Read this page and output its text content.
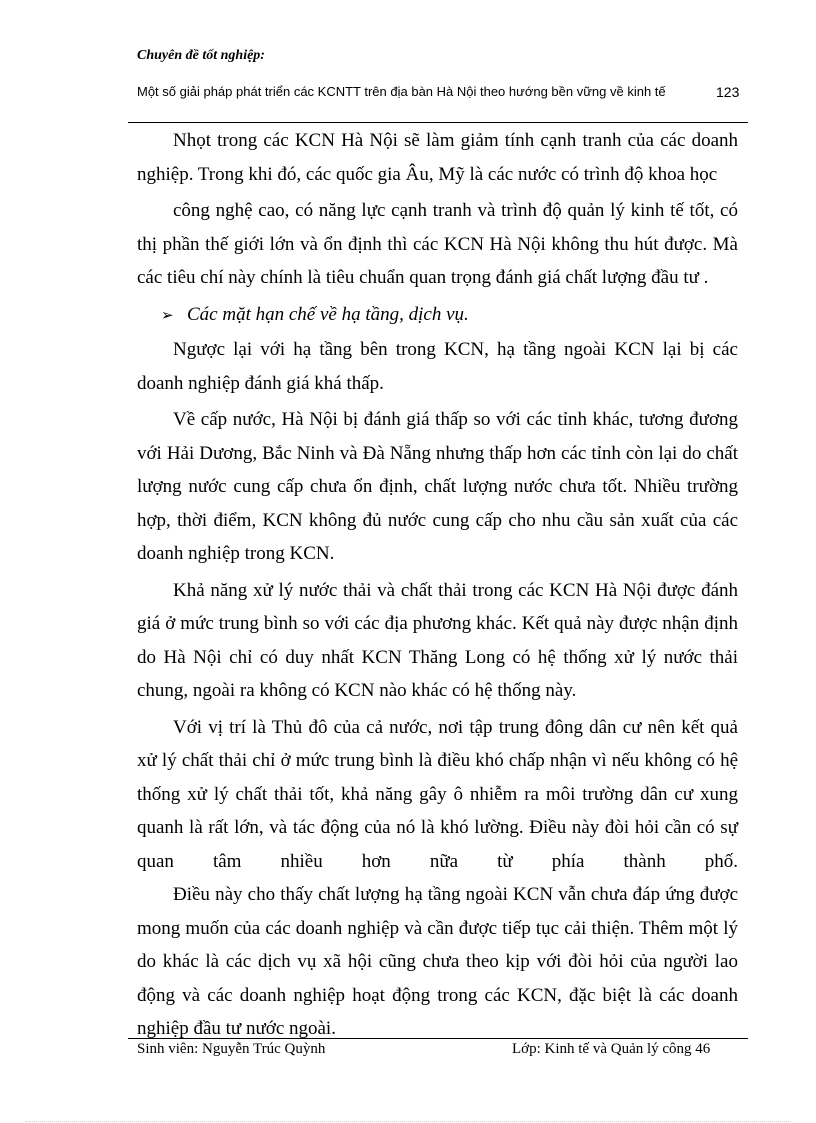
Chuyên đề tốt nghiệp:
Một số giải pháp phát triển các KCNTT trên địa bàn Hà Nội theo hướng bền vững về kinh tế	123

Nhọt trong các KCN Hà Nội sẽ làm giảm tính cạnh tranh của các doanh nghiệp. Trong khi đó, các quốc gia Âu, Mỹ là các nước có trình độ khoa học

công nghệ cao, có năng lực cạnh tranh và trình độ quản lý kinh tế tốt, có thị phần thế giới lớn và ổn định thì các KCN Hà Nội không thu hút được. Mà các tiêu chí này chính là tiêu chuẩn quan trọng đánh giá chất lượng đầu tư .

➢ Các mặt hạn chế về hạ tầng, dịch vụ.

Ngược lại với hạ tầng bên trong KCN, hạ tầng ngoài KCN lại bị các doanh nghiệp đánh giá khá thấp.

Về cấp nước, Hà Nội bị đánh giá thấp so với các tỉnh khác, tương đương với Hải Dương, Bắc Ninh và Đà Nẵng nhưng thấp hơn các tỉnh còn lại do chất lượng nước cung cấp chưa ổn định, chất lượng nước chưa tốt. Nhiều trường hợp, thời điểm, KCN không đủ nước cung cấp cho nhu cầu sản xuất của các doanh nghiệp trong KCN.

Khả năng xử lý nước thải và chất thải trong các KCN Hà Nội được đánh giá ở mức trung bình so với các địa phương khác. Kết quả này được nhận định do Hà Nội chỉ có duy nhất KCN Thăng Long có hệ thống xử lý nước thải chung, ngoài ra không có KCN nào khác có hệ thống này.

Với vị trí là Thủ đô của cả nước, nơi tập trung đông dân cư nên kết quả xử lý chất thải chỉ ở mức trung bình là điều khó chấp nhận vì nếu không có hệ thống xử lý chất thải tốt, khả năng gây ô nhiễm ra môi trường dân cư xung quanh là rất lớn, và tác động của nó là khó lường. Điều này đòi hỏi cần có sự quan tâm nhiều hơn nữa từ phía thành phố.

Điều này cho thấy chất lượng hạ tầng ngoài KCN vẫn chưa đáp ứng được mong muốn của các doanh nghiệp và cần được tiếp tục cải thiện. Thêm một lý do khác là các dịch vụ xã hội cũng chưa theo kịp với đòi hỏi của người lao động và các doanh nghiệp hoạt động trong các KCN, đặc biệt là các doanh nghiệp đầu tư nước ngoài.

Sinh viên: Nguyễn Trúc Quỳnh	Lớp: Kinh tế và Quản lý công 46
